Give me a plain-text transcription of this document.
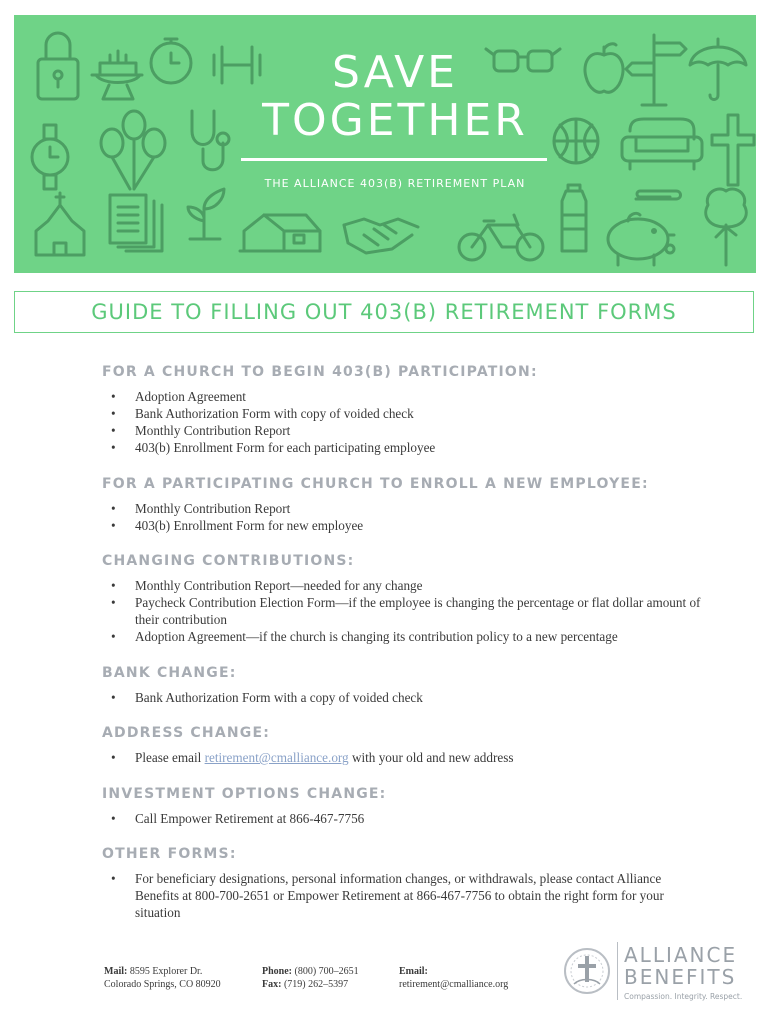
SAVE
TOGETHER
THE ALLIANCE 403(B) RETIREMENT PLAN
GUIDE TO FILLING OUT 403(B) RETIREMENT FORMS
FOR A CHURCH TO BEGIN 403(B) PARTICIPATION:
• Adoption Agreement
• Bank Authorization Form with copy of voided check
• Monthly Contribution Report
• 403(b) Enrollment Form for each participating employee
FOR A PARTICIPATING CHURCH TO ENROLL A NEW EMPLOYEE:
• Monthly Contribution Report
• 403(b) Enrollment Form for new employee
CHANGING CONTRIBUTIONS:
• Monthly Contribution Report—needed for any change
• Paycheck Contribution Election Form—if the employee is changing the percentage or flat dollar amount of their contribution
• Adoption Agreement—if the church is changing its contribution policy to a new percentage
BANK CHANGE:
• Bank Authorization Form with a copy of voided check
ADDRESS CHANGE:
• Please email retirement@cmalliance.org with your old and new address
INVESTMENT OPTIONS CHANGE:
• Call Empower Retirement at 866-467-7756
OTHER FORMS:
• For beneficiary designations, personal information changes, or withdrawals, please contact Alliance Benefits at 800-700-2651 or Empower Retirement at 866-467-7756 to obtain the right form for your situation
Mail: 8595 Explorer Dr.
Colorado Springs, CO 80920
Phone: (800) 700–2651
Fax: (719) 262–5397
Email:
retirement@cmalliance.org
ALLIANCE
BENEFITS
Compassion. Integrity. Respect.
